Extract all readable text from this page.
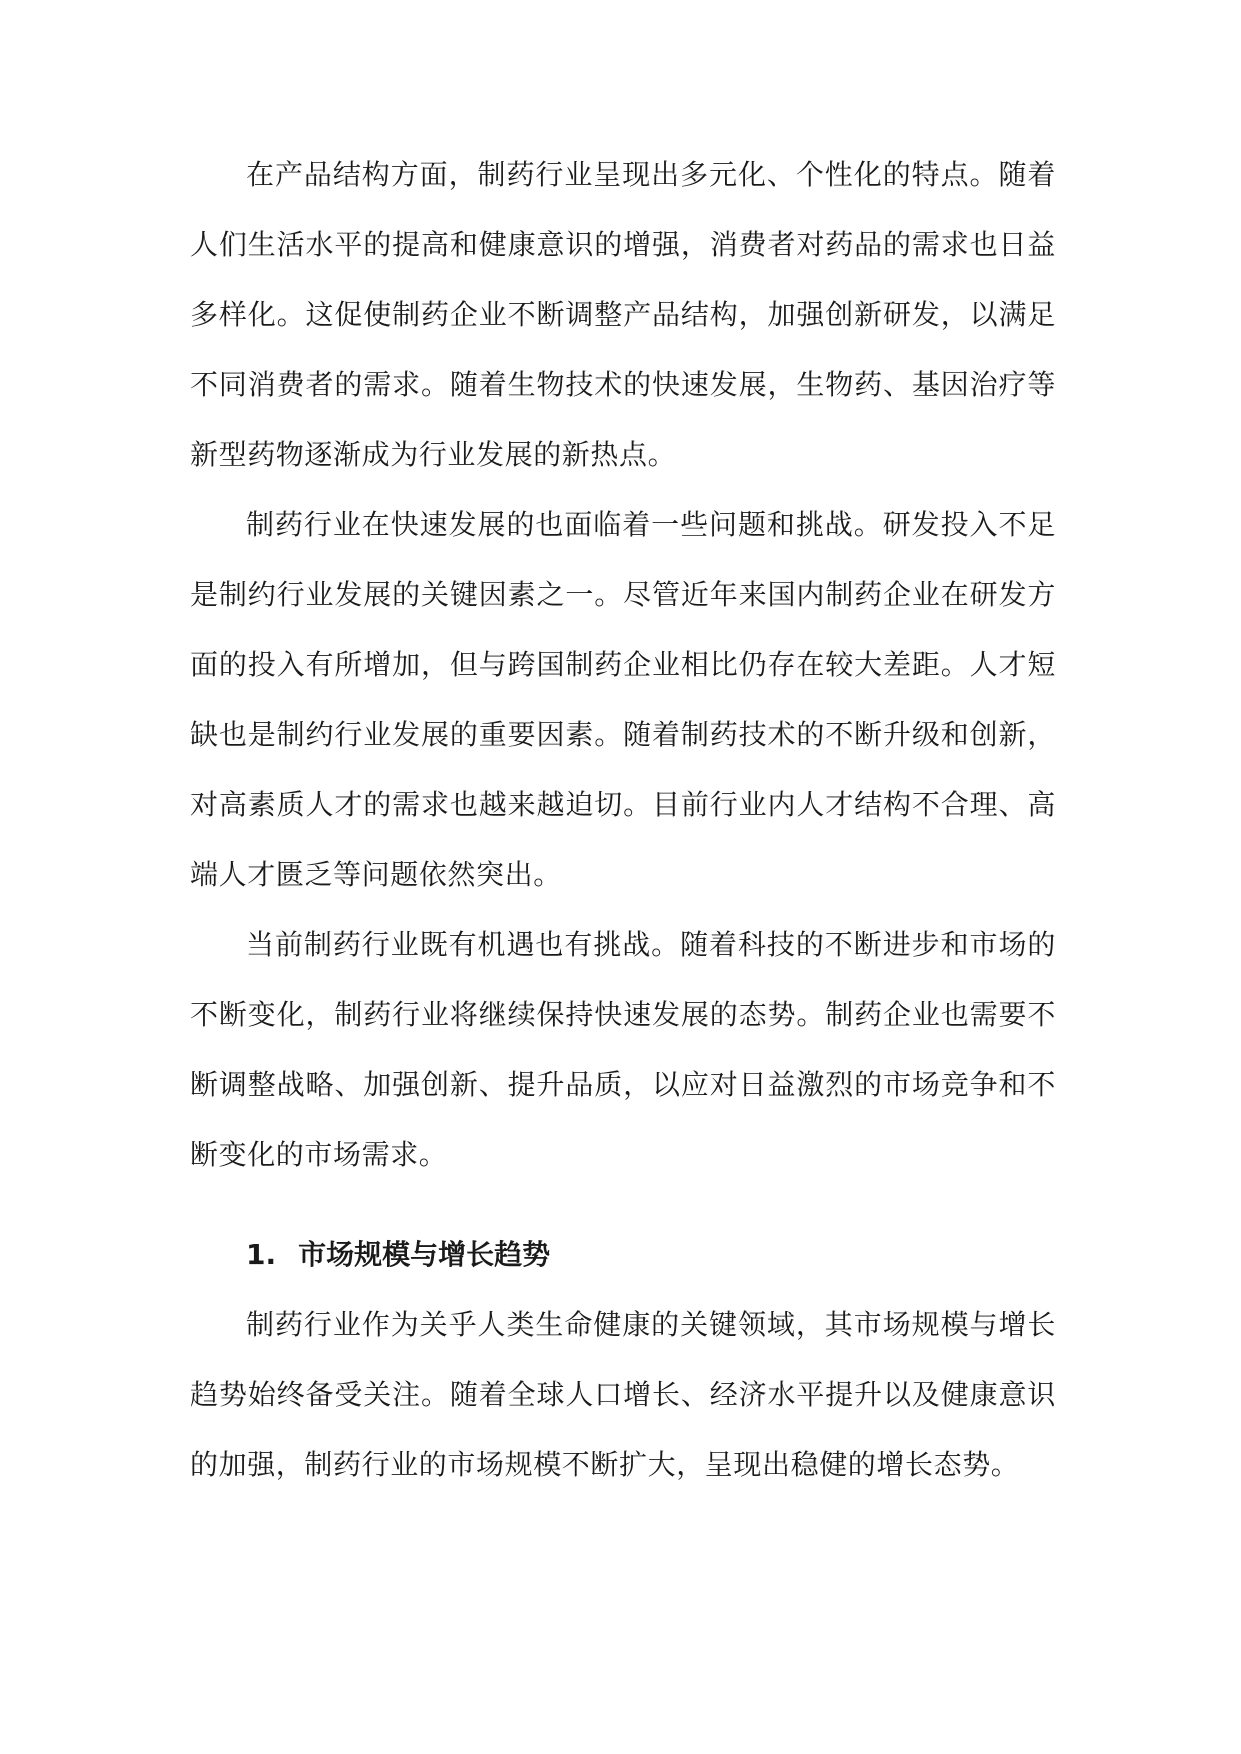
在产品结构方面，制药行业呈现出多元化、个性化的特点。随着人们生活水平的提高和健康意识的增强，消费者对药品的需求也日益多样化。这促使制药企业不断调整产品结构，加强创新研发，以满足不同消费者的需求。随着生物技术的快速发展，生物药、基因治疗等新型药物逐渐成为行业发展的新热点。

制药行业在快速发展的也面临着一些问题和挑战。研发投入不足是制约行业发展的关键因素之一。尽管近年来国内制药企业在研发方面的投入有所增加，但与跨国制药企业相比仍存在较大差距。人才短缺也是制约行业发展的重要因素。随着制药技术的不断升级和创新，对高素质人才的需求也越来越迫切。目前行业内人才结构不合理、高端人才匮乏等问题依然突出。

当前制药行业既有机遇也有挑战。随着科技的不断进步和市场的不断变化，制药行业将继续保持快速发展的态势。制药企业也需要不断调整战略、加强创新、提升品质，以应对日益激烈的市场竞争和不断变化的市场需求。

1. 市场规模与增长趋势

制药行业作为关乎人类生命健康的关键领域，其市场规模与增长趋势始终备受关注。随着全球人口增长、经济水平提升以及健康意识的加强，制药行业的市场规模不断扩大，呈现出稳健的增长态势。
